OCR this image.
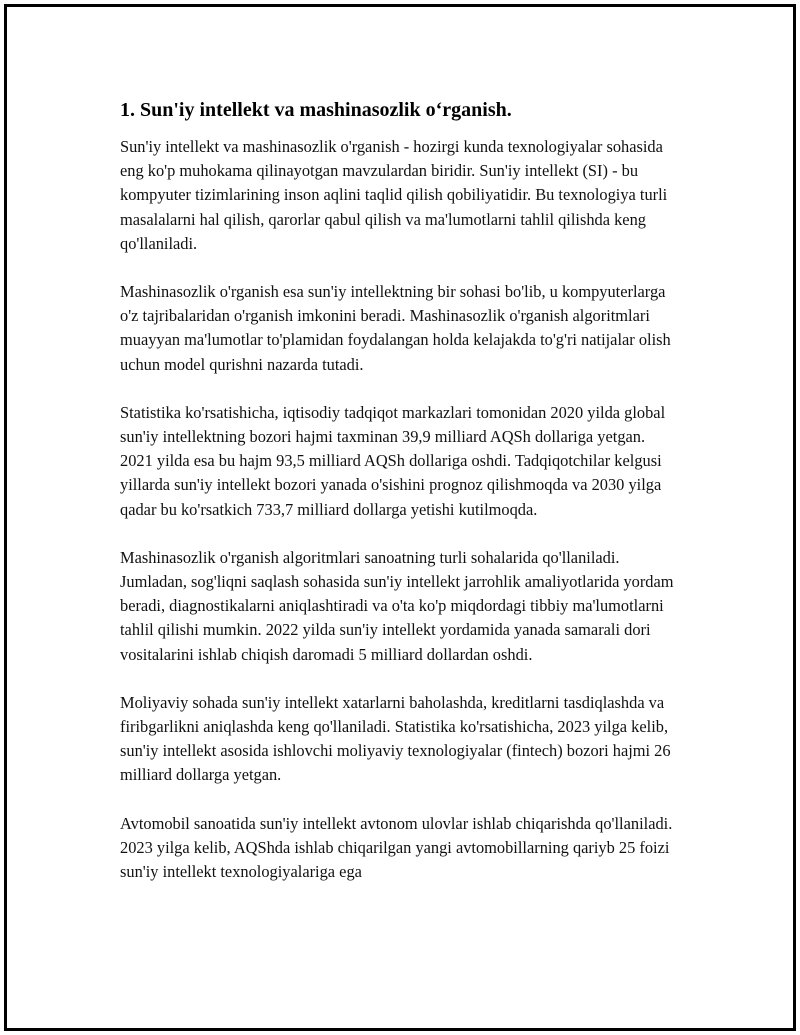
1. Sun'iy intellekt va mashinasozlik o‘rganish.

Sun'iy intellekt va mashinasozlik o'rganish - hozirgi kunda texnologiyalar sohasida eng ko'p muhokama qilinayotgan mavzulardan biridir. Sun'iy intellekt (SI) - bu kompyuter tizimlarining inson aqlini taqlid qilish qobiliyatidir. Bu texnologiya turli masalalarni hal qilish, qarorlar qabul qilish va ma'lumotlarni tahlil qilishda keng qo'llaniladi.

Mashinasozlik o'rganish esa sun'iy intellektning bir sohasi bo'lib, u kompyuterlarga o'z tajribalaridan o'rganish imkonini beradi. Mashinasozlik o'rganish algoritmlari muayyan ma'lumotlar to'plamidan foydalangan holda kelajakda to'g'ri natijalar olish uchun model qurishni nazarda tutadi.

Statistika ko'rsatishicha, iqtisodiy tadqiqot markazlari tomonidan 2020 yilda global sun'iy intellektning bozori hajmi taxminan 39,9 milliard AQSh dollariga yetgan. 2021 yilda esa bu hajm 93,5 milliard AQSh dollariga oshdi. Tadqiqotchilar kelgusi yillarda sun'iy intellekt bozori yanada o'sishini prognoz qilishmoqda va 2030 yilga qadar bu ko'rsatkich 733,7 milliard dollarga yetishi kutilmoqda.

Mashinasozlik o'rganish algoritmlari sanoatning turli sohalarida qo'llaniladi. Jumladan, sog'liqni saqlash sohasida sun'iy intellekt jarrohlik amaliyotlarida yordam beradi, diagnostikalarni aniqlashtiradi va o'ta ko'p miqdordagi tibbiy ma'lumotlarni tahlil qilishi mumkin. 2022 yilda sun'iy intellekt yordamida yanada samarali dori vositalarini ishlab chiqish daromadi 5 milliard dollardan oshdi.

Moliyaviy sohada sun'iy intellekt xatarlarni baholashda, kreditlarni tasdiqlashda va firibgarlikni aniqlashda keng qo'llaniladi. Statistika ko'rsatishicha, 2023 yilga kelib, sun'iy intellekt asosida ishlovchi moliyaviy texnologiyalar (fintech) bozori hajmi 26 milliard dollarga yetgan.

Avtomobil sanoatida sun'iy intellekt avtonom ulovlar ishlab chiqarishda qo'llaniladi. 2023 yilga kelib, AQShda ishlab chiqarilgan yangi avtomobillarning qariyb 25 foizi sun'iy intellekt texnologiyalariga ega
